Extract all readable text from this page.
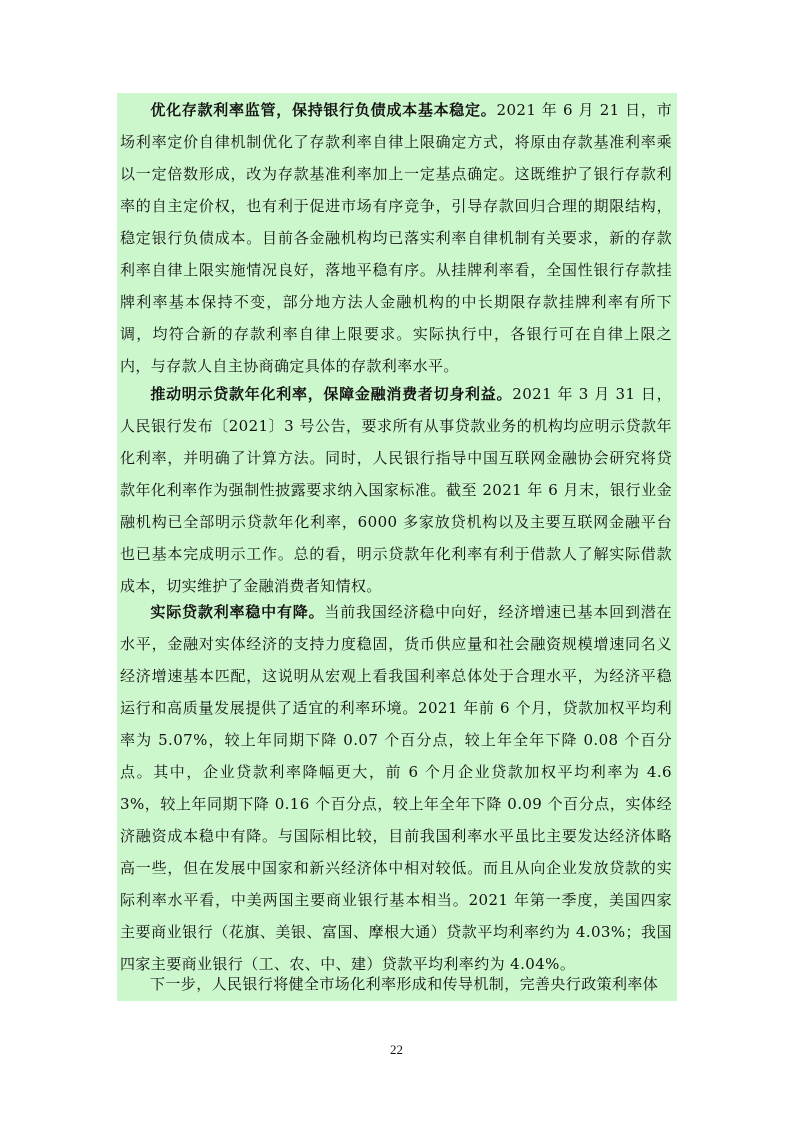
优化存款利率监管，保持银行负债成本基本稳定。2021 年 6 月 21 日，市场利率定价自律机制优化了存款利率自律上限确定方式，将原由存款基准利率乘以一定倍数形成，改为存款基准利率加上一定基点确定。这既维护了银行存款利率的自主定价权，也有利于促进市场有序竞争，引导存款回归合理的期限结构，稳定银行负债成本。目前各金融机构均已落实利率自律机制有关要求，新的存款利率自律上限实施情况良好，落地平稳有序。从挂牌利率看，全国性银行存款挂牌利率基本保持不变，部分地方法人金融机构的中长期限存款挂牌利率有所下调，均符合新的存款利率自律上限要求。实际执行中，各银行可在自律上限之内，与存款人自主协商确定具体的存款利率水平。

推动明示贷款年化利率，保障金融消费者切身利益。2021 年 3 月 31 日，人民银行发布〔2021〕3 号公告，要求所有从事贷款业务的机构均应明示贷款年化利率，并明确了计算方法。同时，人民银行指导中国互联网金融协会研究将贷款年化利率作为强制性披露要求纳入国家标准。截至 2021 年 6 月末，银行业金融机构已全部明示贷款年化利率，6000 多家放贷机构以及主要互联网金融平台也已基本完成明示工作。总的看，明示贷款年化利率有利于借款人了解实际借款成本，切实维护了金融消费者知情权。

实际贷款利率稳中有降。当前我国经济稳中向好，经济增速已基本回到潜在水平，金融对实体经济的支持力度稳固，货币供应量和社会融资规模增速同名义经济增速基本匹配，这说明从宏观上看我国利率总体处于合理水平，为经济平稳运行和高质量发展提供了适宜的利率环境。2021 年前 6 个月，贷款加权平均利率为 5.07%，较上年同期下降 0.07 个百分点，较上年全年下降 0.08 个百分点。其中，企业贷款利率降幅更大，前 6 个月企业贷款加权平均利率为 4.63%，较上年同期下降 0.16 个百分点，较上年全年下降 0.09 个百分点，实体经济融资成本稳中有降。与国际相比较，目前我国利率水平虽比主要发达经济体略高一些，但在发展中国家和新兴经济体中相对较低。而且从向企业发放贷款的实际利率水平看，中美两国主要商业银行基本相当。2021 年第一季度，美国四家主要商业银行（花旗、美银、富国、摩根大通）贷款平均利率约为 4.03%；我国四家主要商业银行（工、农、中、建）贷款平均利率约为 4.04%。

下一步，人民银行将健全市场化利率形成和传导机制，完善央行政策利率体

22
